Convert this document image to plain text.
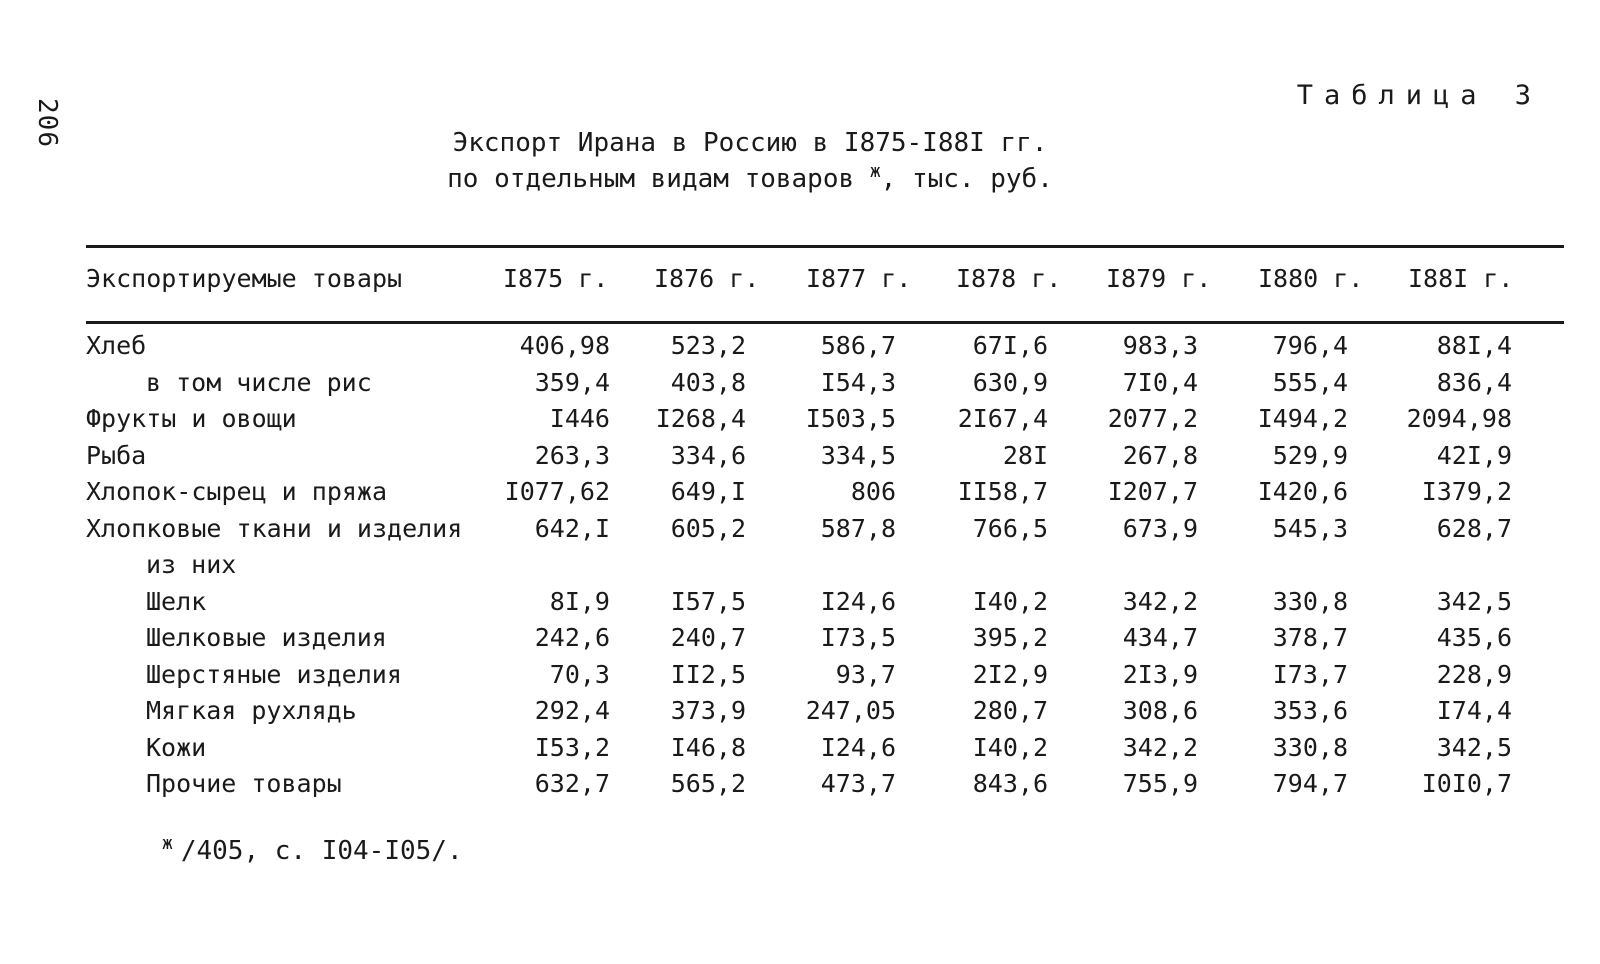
206
Таблица 3
Экспорт Ирана в Россию в I875-I88I гг.
по отдельным видам товаров $^ж$, тыс. руб.
Экспортируемые товары	I875 г. I876 г. I877 г. I878 г. I879 г. I880 г. I88I г.
Хлеб	406,98	523,2	586,7	67I,6	983,3	796,4	88I,4
в том числе рис	359,4	403,8	I54,3	630,9	7I0,4	555,4	836,4
Фрукты и овощи	I446	I268,4	I503,5	2I67,4	2077,2	I494,2	2094,98
Рыба	263,3	334,6	334,5	28I	267,8	529,9	42I,9
Хлопок-сырец и пряжа	I077,62	649,I	806	II58,7	I207,7	I420,6	I379,2
Хлопковые ткани и изделия	642,I	605,2	587,8	766,5	673,9	545,3	628,7
из них
Шелк	8I,9	I57,5	I24,6	I40,2	342,2	330,8	342,5
Шелковые изделия	242,6	240,7	I73,5	395,2	434,7	378,7	435,6
Шерстяные изделия	70,3	II2,5	93,7	2I2,9	2I3,9	I73,7	228,9
Мягкая рухлядь	292,4	373,9	247,05	280,7	308,6	353,6	I74,4
Кожи	I53,2	I46,8	I24,6	I40,2	342,2	330,8	342,5
Прочие товары	632,7	565,2	473,7	843,6	755,9	794,7	I0I0,7
$^ж$ /405, с. I04-I05/.
